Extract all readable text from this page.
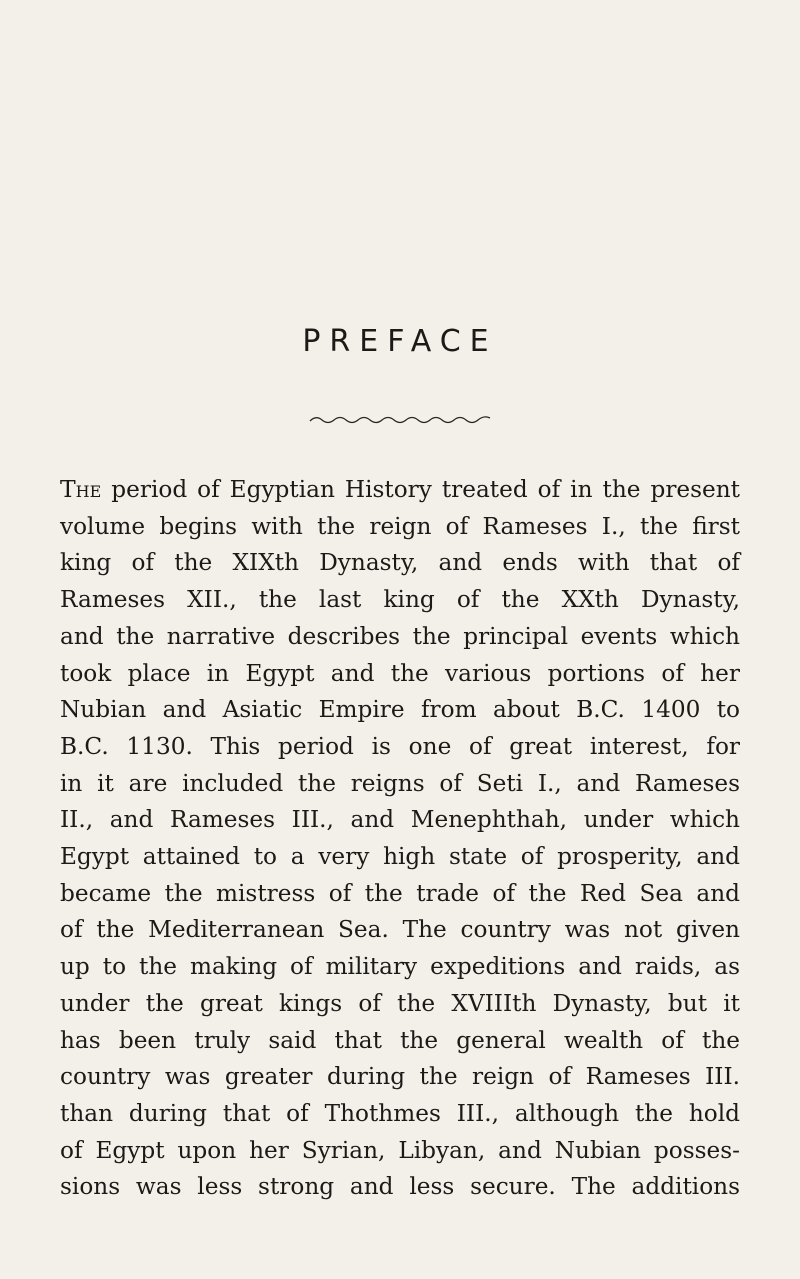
PREFACE
The period of Egyptian History treated of in the present
volume begins with the reign of Rameses I., the first
king of the XIXth Dynasty, and ends with that of
Rameses XII., the last king of the XXth Dynasty,
and the narrative describes the principal events which
took place in Egypt and the various portions of her
Nubian and Asiatic Empire from about B.C. 1400 to
B.C. 1130. This period is one of great interest, for
in it are included the reigns of Seti I., and Rameses
II., and Rameses III., and Menephthah, under which
Egypt attained to a very high state of prosperity, and
became the mistress of the trade of the Red Sea and
of the Mediterranean Sea. The country was not given
up to the making of military expeditions and raids, as
under the great kings of the XVIIIth Dynasty, but it
has been truly said that the general wealth of the
country was greater during the reign of Rameses III.
than during that of Thothmes III., although the hold
of Egypt upon her Syrian, Libyan, and Nubian posses-
sions was less strong and less secure. The additions
